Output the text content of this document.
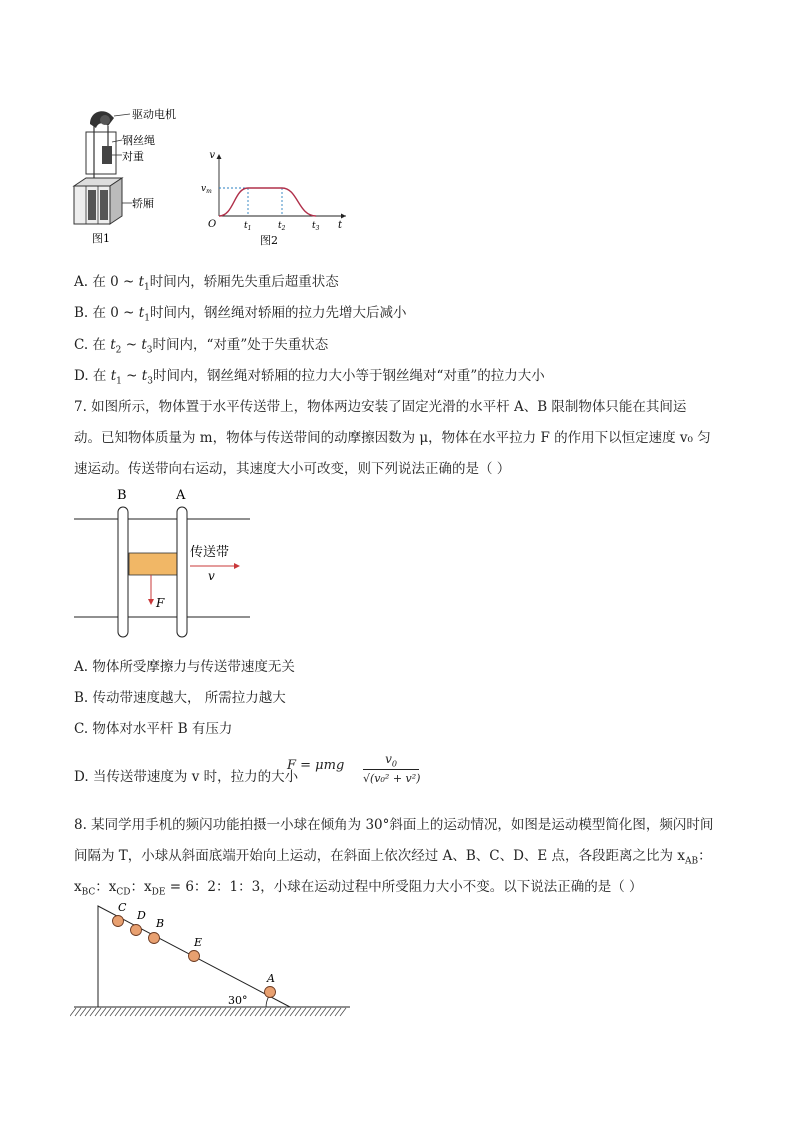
驱动电机
钢丝绳
对重
轿厢
图1
v
$v_m$
O	$t_1$	$t_2$	$t_3$ t
图2
A. 在 0 ~ $t_1$时间内，轿厢先失重后超重状态
B. 在 0 ~ $t_1$时间内，钢丝绳对轿厢的拉力先增大后减小
C. 在 $t_2$ ~ $t_3$时间内，“对重”处于失重状态
D. 在 $t_1$ ~ $t_3$时间内，钢丝绳对轿厢的拉力大小等于钢丝绳对“对重”的拉力大小
7. 如图所示，物体置于水平传送带上，物体两边安装了固定光滑的水平杆 A、B 限制物体只能在其间运
动。已知物体质量为 m，物体与传送带间的动摩擦因数为 μ，物体在水平拉力 F 的作用下以恒定速度 v₀ 匀
速运动。传送带向右运动，其速度大小可改变，则下列说法正确的是（ ）
B	A
传送带
v
F
A. 物体所受摩擦力与传送带速度无关
B. 传动带速度越大， 所需拉力越大
C. 物体对水平杆 B 有压力
D. 当传送带速度为 v 时，拉力的大小
F = μmg	$v_0$
√(v₀² + v²)
8. 某同学用手机的频闪功能拍摄一小球在倾角为 30°斜面上的运动情况，如图是运动模型简化图，频闪时间
间隔为 T，小球从斜面底端开始向上运动，在斜面上依次经过 A、B、C、D、E 点，各段距离之比为 $x_{AB}$：
$x_{BC}$：$x_{CD}$：$x_{DE} = 6$：2：1：3，小球在运动过程中所受阻力大小不变。以下说法正确的是（ ）
C
D
B
E
A
30°
